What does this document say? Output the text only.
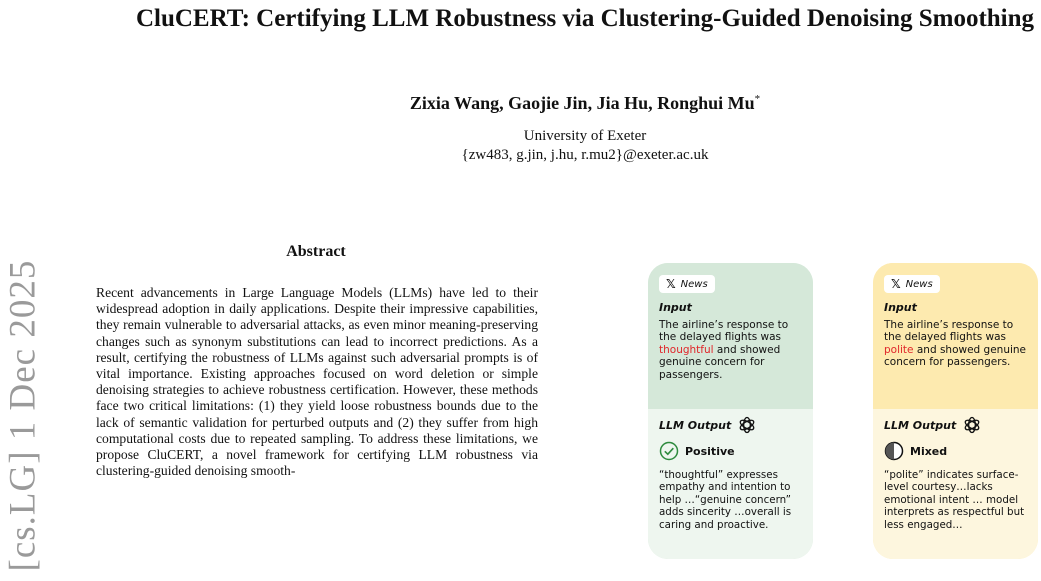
CluCERT: Certifying LLM Robustness via Clustering-Guided Denoising Smoothing
Zixia Wang, Gaojie Jin, Jia Hu, Ronghui Mu*
University of Exeter
{zw483, g.jin, j.hu, r.mu2}@exeter.ac.uk
[cs.LG] 1 Dec 2025
Abstract
Recent advancements in Large Language Models (LLMs) have led to their widespread adoption in daily applications. Despite their impressive capabilities, they remain vulnerable to adversarial attacks, as even minor meaning-preserving changes such as synonym substitutions can lead to incorrect predictions. As a result, certifying the robustness of LLMs against such adversarial prompts is of vital importance. Existing approaches focused on word deletion or simple denoising strategies to achieve robustness certification. However, these methods face two critical limitations: (1) they yield loose robustness bounds due to the lack of semantic validation for perturbed outputs and (2) they suffer from high computational costs due to repeated sampling. To address these limitations, we propose CluCERT, a novel framework for certifying LLM robustness via clustering-guided denoising smooth-
𝕏 News
Input
The airline’s response to the delayed flights was thoughtful and showed genuine concern for passengers.
LLM Output
Positive
“thoughtful” expresses empathy and intention to help …“genuine concern” adds sincerity …overall is caring and proactive.
𝕏 News
Input
The airline’s response to the delayed flights was polite and showed genuine concern for passengers.
LLM Output
Mixed
“polite” indicates surface-level courtesy…lacks emotional intent … model interprets as respectful but less engaged…
